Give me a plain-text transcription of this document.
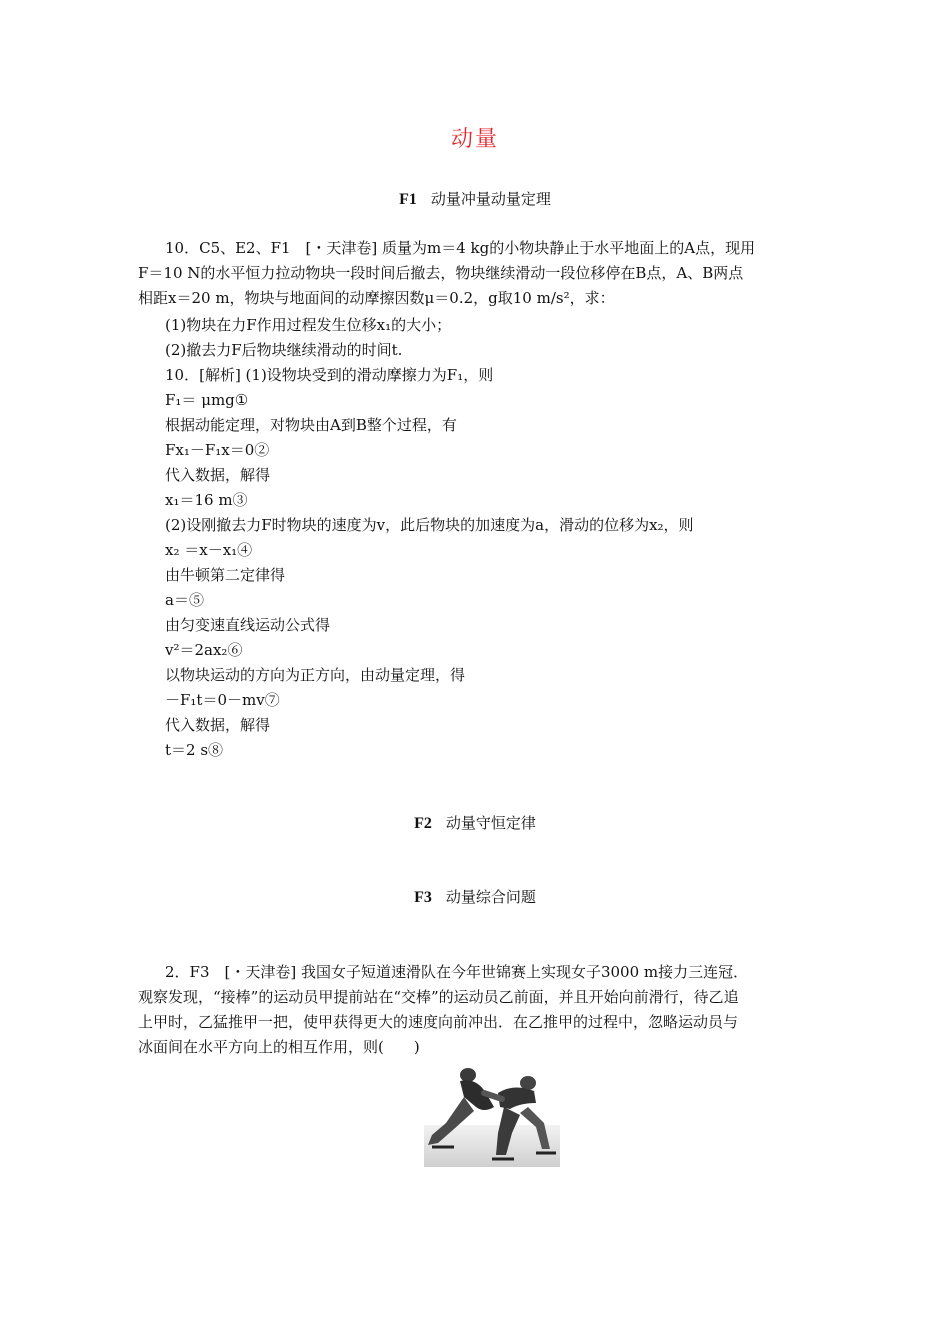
动量
F1 动量冲量动量定理
10．C5、E2、F1　[・天津卷] 质量为m＝4 kg的小物块静止于水平地面上的A点，现用
F＝10 N的水平恒力拉动物块一段时间后撤去，物块继续滑动一段位移停在B点，A、B两点
相距x＝20 m，物块与地面间的动摩擦因数μ＝0.2，g取10 m/s²，求：
(1)物块在力F作用过程发生位移x₁的大小；
(2)撤去力F后物块继续滑动的时间t.
10．[解析] (1)设物块受到的滑动摩擦力为F₁，则
F₁＝ μmg①
根据动能定理，对物块由A到B整个过程，有
Fx₁－F₁x＝0②
代入数据，解得
x₁＝16 m③
(2)设刚撤去力F时物块的速度为v，此后物块的加速度为a，滑动的位移为x₂，则
x₂ ＝x－x₁④
由牛顿第二定律得
a＝⑤
由匀变速直线运动公式得
v²＝2ax₂⑥
以物块运动的方向为正方向，由动量定理，得
－F₁t＝0－mv⑦
代入数据，解得
t＝2 s⑧
F2 动量守恒定律
F3 动量综合问题
2．F3　[・天津卷] 我国女子短道速滑队在今年世锦赛上实现女子3000 m接力三连冠．
观察发现，“接棒”的运动员甲提前站在“交棒”的运动员乙前面，并且开始向前滑行，待乙追
上甲时，乙猛推甲一把，使甲获得更大的速度向前冲出．在乙推甲的过程中，忽略运动员与
冰面间在水平方向上的相互作用，则(　　)
